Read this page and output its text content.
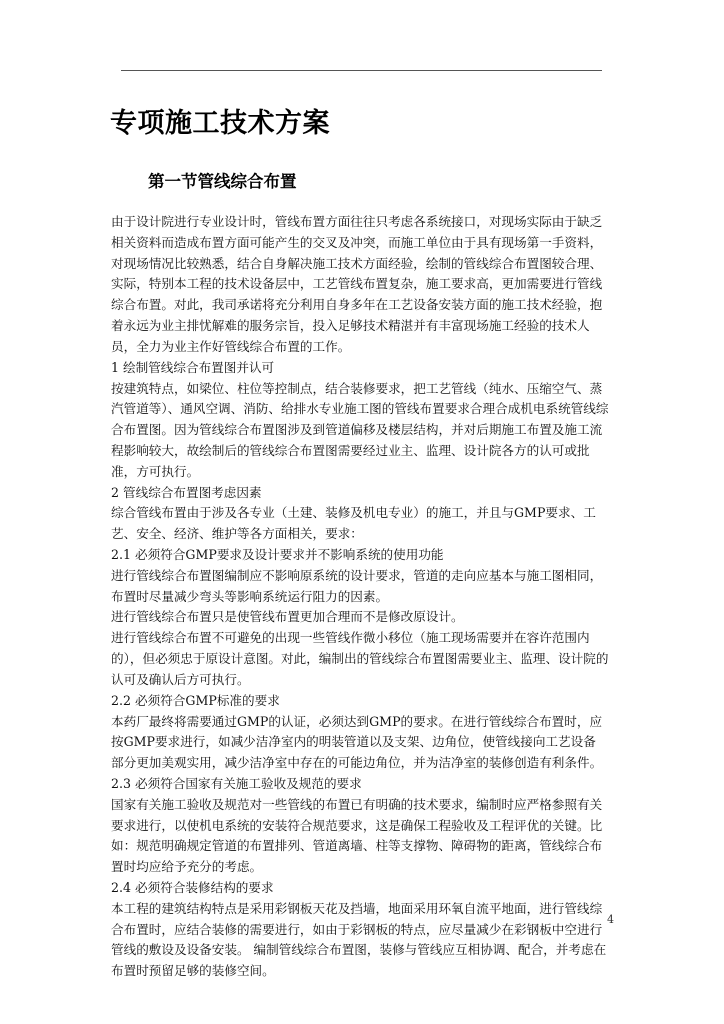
专项施工技术方案
第一节管线综合布置
由于设计院进行专业设计时，管线布置方面往往只考虑各系统接口，对现场实际由于缺乏
相关资料而造成布置方面可能产生的交叉及冲突，而施工单位由于具有现场第一手资料，
对现场情况比较熟悉，结合自身解决施工技术方面经验，绘制的管线综合布置图较合理、
实际，特别本工程的技术设备层中，工艺管线布置复杂，施工要求高，更加需要进行管线
综合布置。对此，我司承诺将充分利用自身多年在工艺设备安装方面的施工技术经验，抱
着永远为业主排忧解难的服务宗旨，投入足够技术精湛并有丰富现场施工经验的技术人
员，全力为业主作好管线综合布置的工作。
1 绘制管线综合布置图并认可
按建筑特点，如梁位、柱位等控制点，结合装修要求，把工艺管线（纯水、压缩空气、蒸
汽管道等）、通风空调、消防、给排水专业施工图的管线布置要求合理合成机电系统管线综
合布置图。因为管线综合布置图涉及到管道偏移及楼层结构，并对后期施工布置及施工流
程影响较大，故绘制后的管线综合布置图需要经过业主、监理、设计院各方的认可或批
准，方可执行。
2 管线综合布置图考虑因素
综合管线布置由于涉及各专业（土建、装修及机电专业）的施工，并且与GMP要求、工
艺、安全、经济、维护等各方面相关，要求：
2.1 必须符合GMP要求及设计要求并不影响系统的使用功能
进行管线综合布置图编制应不影响原系统的设计要求，管道的走向应基本与施工图相同，
布置时尽量减少弯头等影响系统运行阻力的因素。
进行管线综合布置只是使管线布置更加合理而不是修改原设计。
进行管线综合布置不可避免的出现一些管线作微小移位（施工现场需要并在容许范围内
的），但必须忠于原设计意图。对此，编制出的管线综合布置图需要业主、监理、设计院的
认可及确认后方可执行。
2.2 必须符合GMP标准的要求
本药厂最终将需要通过GMP的认证，必须达到GMP的要求。在进行管线综合布置时，应
按GMP要求进行，如减少洁净室内的明装管道以及支架、边角位，使管线接向工艺设备
部分更加美观实用，减少洁净室中存在的可能边角位，并为洁净室的装修创造有利条件。
2.3 必须符合国家有关施工验收及规范的要求
国家有关施工验收及规范对一些管线的布置已有明确的技术要求，编制时应严格参照有关
要求进行，以使机电系统的安装符合规范要求，这是确保工程验收及工程评优的关键。比
如：规范明确规定管道的布置排列、管道离墙、柱等支撑物、障碍物的距离，管线综合布
置时均应给予充分的考虑。
2.4 必须符合装修结构的要求
本工程的建筑结构特点是采用彩钢板天花及挡墙，地面采用环氧自流平地面，进行管线综
合布置时，应结合装修的需要进行，如由于彩钢板的特点，应尽量减少在彩钢板中空进行
管线的敷设及设备安装。 编制管线综合布置图，装修与管线应互相协调、配合，并考虑在
布置时预留足够的装修空间。
4
